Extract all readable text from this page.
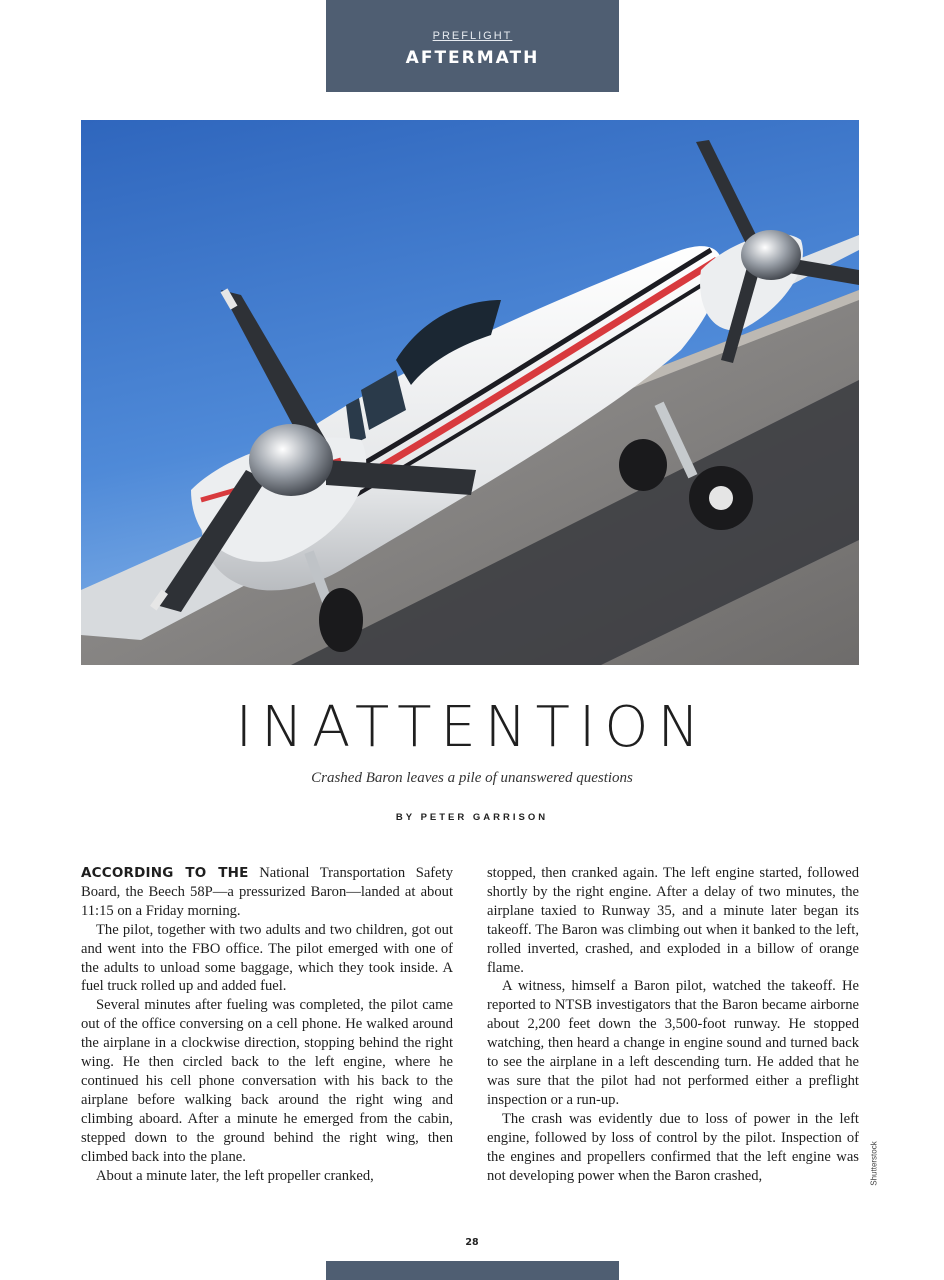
PREFLIGHT
AFTERMATH
INATTENTION
Crashed Baron leaves a pile of unanswered questions
BY PETER GARRISON

ACCORDING TO THE National Transportation Safety Board, the Beech 58P—a pressurized Baron—landed at about 11:15 on a Friday morning.

The pilot, together with two adults and two children, got out and went into the FBO office. The pilot emerged with one of the adults to unload some baggage, which they took inside. A fuel truck rolled up and added fuel.

Several minutes after fueling was completed, the pilot came out of the office conversing on a cell phone. He walked around the airplane in a clockwise direction, stopping behind the right wing. He then circled back to the left engine, where he continued his cell phone conversation with his back to the airplane before walking back around the right wing and climbing aboard. After a minute he emerged from the cabin, stepped down to the ground behind the right wing, then climbed back into the plane.

About a minute later, the left propeller cranked,

stopped, then cranked again. The left engine started, followed shortly by the right engine. After a delay of two minutes, the airplane taxied to Runway 35, and a minute later began its takeoff. The Baron was climbing out when it banked to the left, rolled inverted, crashed, and exploded in a billow of orange flame.

A witness, himself a Baron pilot, watched the takeoff. He reported to NTSB investigators that the Baron became airborne about 2,200 feet down the 3,500-foot runway. He stopped watching, then heard a change in engine sound and turned back to see the airplane in a left descending turn. He added that he was sure that the pilot had not performed either a preflight inspection or a run-up.

The crash was evidently due to loss of power in the left engine, followed by loss of control by the pilot. Inspection of the engines and propellers confirmed that the left engine was not developing power when the Baron crashed,	Shutterstock
28
